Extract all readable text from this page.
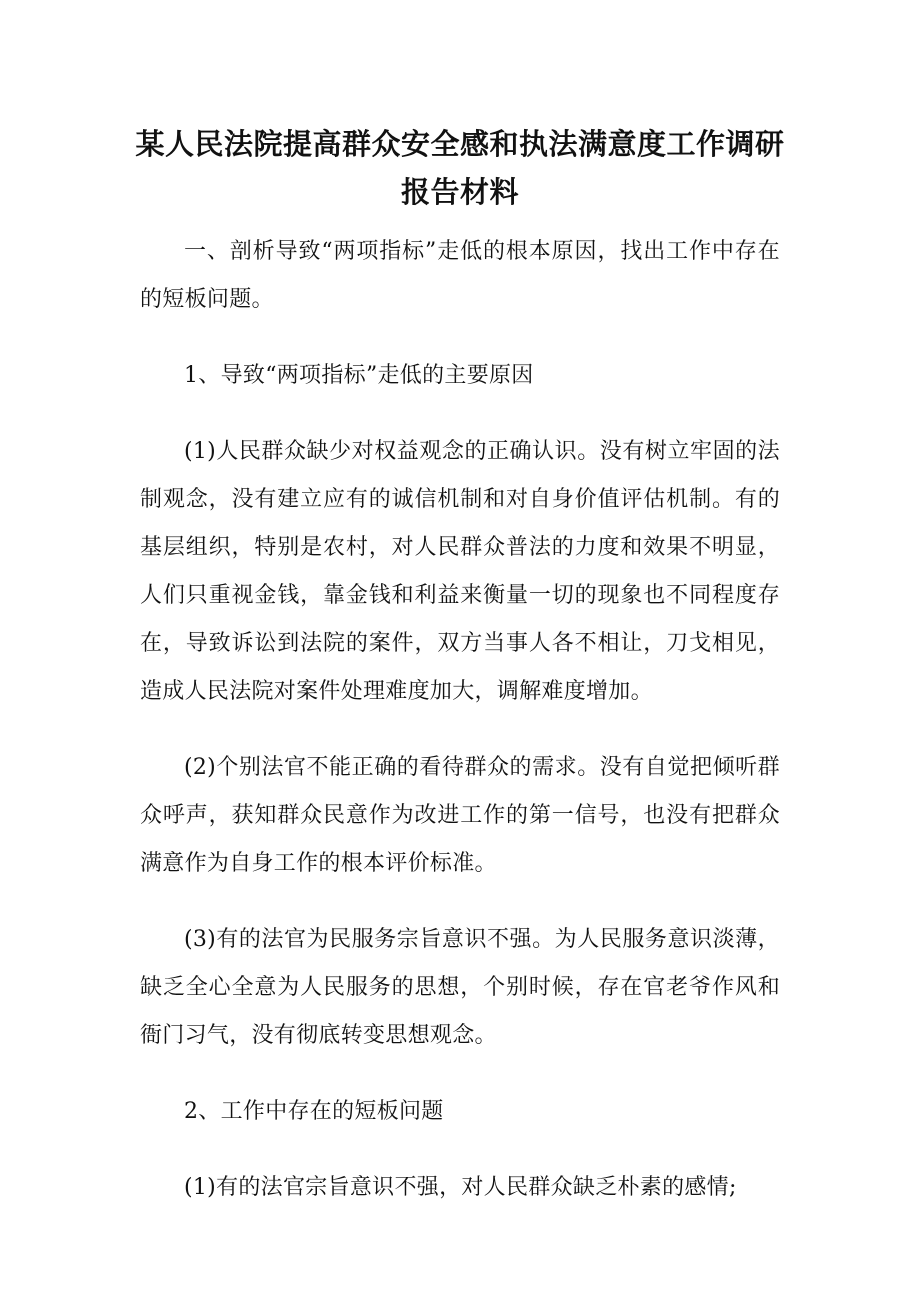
某人民法院提高群众安全感和执法满意度工作调研
报告材料

一、剖析导致“两项指标”走低的根本原因，找出工作中存在的短板问题。

1、导致“两项指标”走低的主要原因

(1)人民群众缺少对权益观念的正确认识。没有树立牢固的法制观念，没有建立应有的诚信机制和对自身价值评估机制。有的基层组织，特别是农村，对人民群众普法的力度和效果不明显，人们只重视金钱，靠金钱和利益来衡量一切的现象也不同程度存在，导致诉讼到法院的案件，双方当事人各不相让，刀戈相见，造成人民法院对案件处理难度加大，调解难度增加。

(2)个别法官不能正确的看待群众的需求。没有自觉把倾听群众呼声，获知群众民意作为改进工作的第一信号，也没有把群众满意作为自身工作的根本评价标准。

(3)有的法官为民服务宗旨意识不强。为人民服务意识淡薄，缺乏全心全意为人民服务的思想，个别时候，存在官老爷作风和衙门习气，没有彻底转变思想观念。

2、工作中存在的短板问题

(1)有的法官宗旨意识不强，对人民群众缺乏朴素的感情;
